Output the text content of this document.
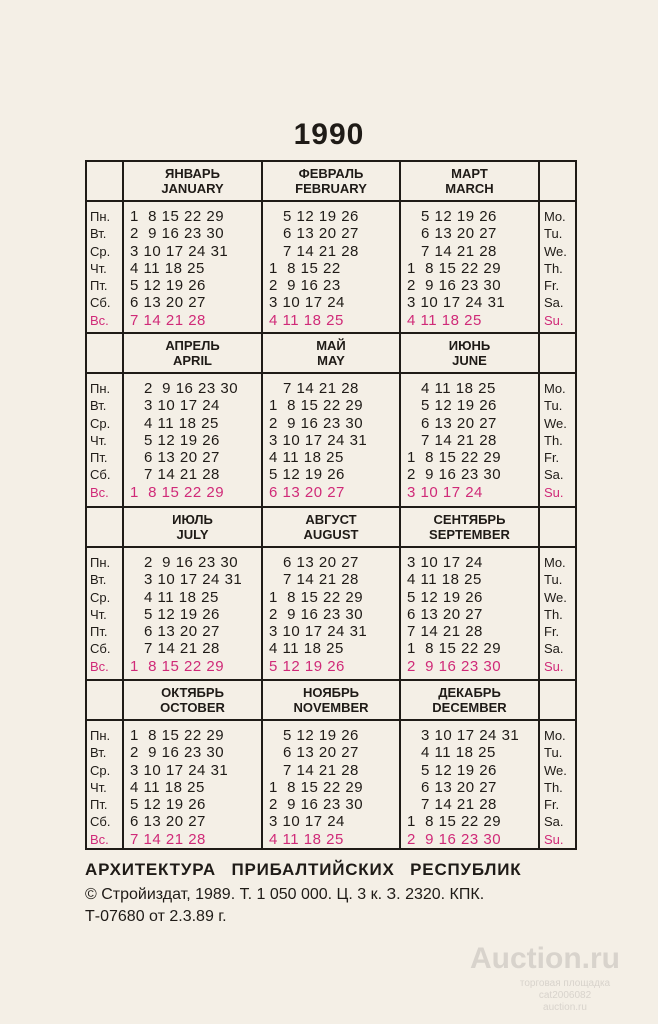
1990
Пн.
Вт.
Ср.
Чт.
Пт.
Сб.
Вс.
Mo.
Tu.
We.
Th.
Fr.
Sa.
Su.
ЯНВАРЬ
JANUARY
1  8 15 22 29
2  9 16 23 30
3 10 17 24 31
4 11 18 25
5 12 19 26
6 13 20 27
7 14 21 28
ФЕВРАЛЬ
FEBRUARY
5 12 19 26
6 13 20 27
7 14 21 28
1  8 15 22
2  9 16 23
3 10 17 24
4 11 18 25
МАРТ
MARCH
5 12 19 26
6 13 20 27
7 14 21 28
1  8 15 22 29
2  9 16 23 30
3 10 17 24 31
4 11 18 25
Пн.
Вт.
Ср.
Чт.
Пт.
Сб.
Вс.
Mo.
Tu.
We.
Th.
Fr.
Sa.
Su.
АПРЕЛЬ
APRIL
2  9 16 23 30
3 10 17 24
4 11 18 25
5 12 19 26
6 13 20 27
7 14 21 28
1  8 15 22 29
МАЙ
MAY
7 14 21 28
1  8 15 22 29
2  9 16 23 30
3 10 17 24 31
4 11 18 25
5 12 19 26
6 13 20 27
ИЮНЬ
JUNE
4 11 18 25
5 12 19 26
6 13 20 27
7 14 21 28
1  8 15 22 29
2  9 16 23 30
3 10 17 24
Пн.
Вт.
Ср.
Чт.
Пт.
Сб.
Вс.
Mo.
Tu.
We.
Th.
Fr.
Sa.
Su.
ИЮЛЬ
JULY
2  9 16 23 30
3 10 17 24 31
4 11 18 25
5 12 19 26
6 13 20 27
7 14 21 28
1  8 15 22 29
АВГУСТ
AUGUST
6 13 20 27
7 14 21 28
1  8 15 22 29
2  9 16 23 30
3 10 17 24 31
4 11 18 25
5 12 19 26
СЕНТЯБРЬ
SEPTEMBER
3 10 17 24
4 11 18 25
5 12 19 26
6 13 20 27
7 14 21 28
1  8 15 22 29
2  9 16 23 30
Пн.
Вт.
Ср.
Чт.
Пт.
Сб.
Вс.
Mo.
Tu.
We.
Th.
Fr.
Sa.
Su.
ОКТЯБРЬ
OCTOBER
1  8 15 22 29
2  9 16 23 30
3 10 17 24 31
4 11 18 25
5 12 19 26
6 13 20 27
7 14 21 28
НОЯБРЬ
NOVEMBER
5 12 19 26
6 13 20 27
7 14 21 28
1  8 15 22 29
2  9 16 23 30
3 10 17 24
4 11 18 25
ДЕКАБРЬ
DECEMBER
3 10 17 24 31
4 11 18 25
5 12 19 26
6 13 20 27
7 14 21 28
1  8 15 22 29
2  9 16 23 30
АРХИТЕКТУРА ПРИБАЛТИЙСКИХ РЕСПУБЛИК
© Стройиздат, 1989. Т. 1 050 000. Ц. 3 к. З. 2320. КПК.
Т-07680 от 2.3.89 г.
Auction.ru
торговая площадка
cat2006082
auction.ru
